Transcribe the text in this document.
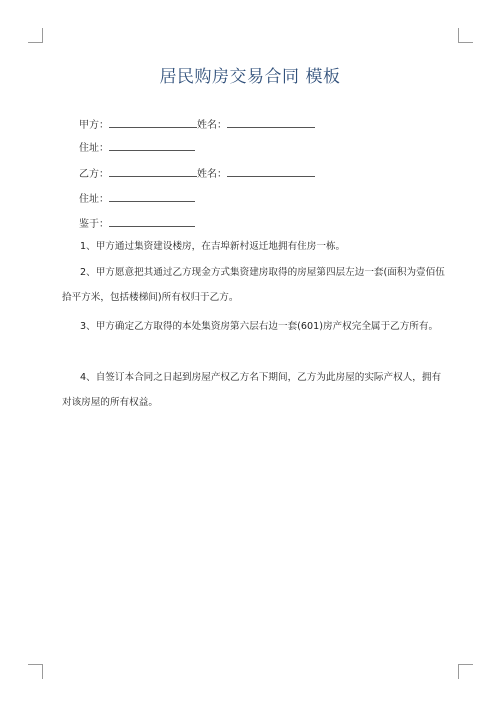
居民购房交易合同 模板
甲方：	姓名：
住址：
乙方：	姓名：
住址：
鉴于：

1、甲方通过集资建设楼房，在吉埠新村返迁地拥有住房一栋。

2、甲方愿意把其通过乙方现金方式集资建房取得的房屋第四层左边一套(面积为壹佰伍拾平方米，包括楼梯间)所有权归于乙方。

3、甲方确定乙方取得的本处集资房第六层右边一套(601)房产权完全属于乙方所有。

4、自签订本合同之日起到房屋产权乙方名下期间，乙方为此房屋的实际产权人，拥有对该房屋的所有权益。
